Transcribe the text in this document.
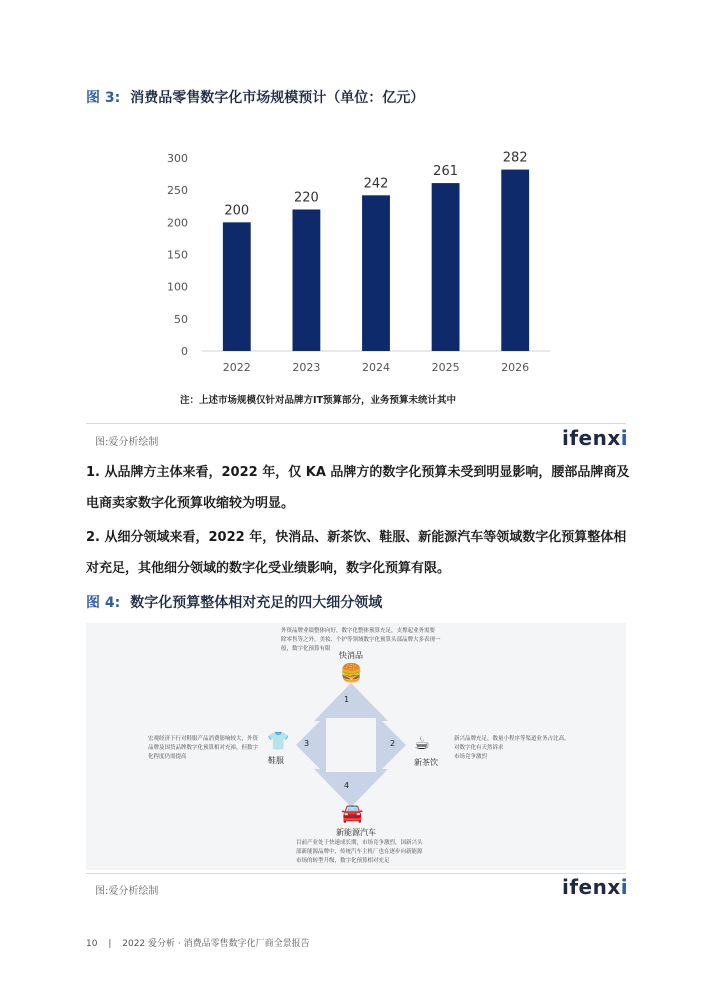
图 3: 消费品零售数字化市场规模预计（单位：亿元）
0
50
100
150
200
250
300
200
2022
220
2023
242
2024
261
2025
282
2026
注：上述市场规模仅针对品牌方IT预算部分，业务预算未统计其中
图:爱分析绘制	ifenxi

1. 从品牌方主体来看，2022 年，仅 KA 品牌方的数字化预算未受到明显影响，腰部品牌商及电商卖家数字化预算收缩较为明显。

2. 从细分领域来看，2022 年，快消品、新茶饮、鞋服、新能源汽车等领域数字化预算整体相对充足，其他细分领域的数字化受业绩影响，数字化预算有限。

图 4: 数字化预算整体相对充足的四大细分领域
1
2
3
4
外资品牌业绩整体向好，数字化整体预算充足，支撑起业务需要
除零售等之外，美妆、个护等领域数字化预算头部品牌大多表现一般，数字化预算有限
快消品
🍔
☕
新茶饮
新兴品牌充足，数量小程序等渠道业务占比高，对数字化有天然诉求
市场竞争激烈
宏观经济下行对鞋服产品消费影响较大，外资品牌及国货品牌数字化预算相对充裕，但数字化程度仍需提高
👕
鞋服
🚘
新能源汽车
目前产业处于快速成长期，市场竞争激烈，国新兴头部新能源品牌中，传统汽车主机厂也在逐步向新能源市场的转型升级，数字化预算相对充足
图:爱分析绘制	ifenxi
10 | 2022 爱分析 · 消费品零售数字化厂商全景报告
